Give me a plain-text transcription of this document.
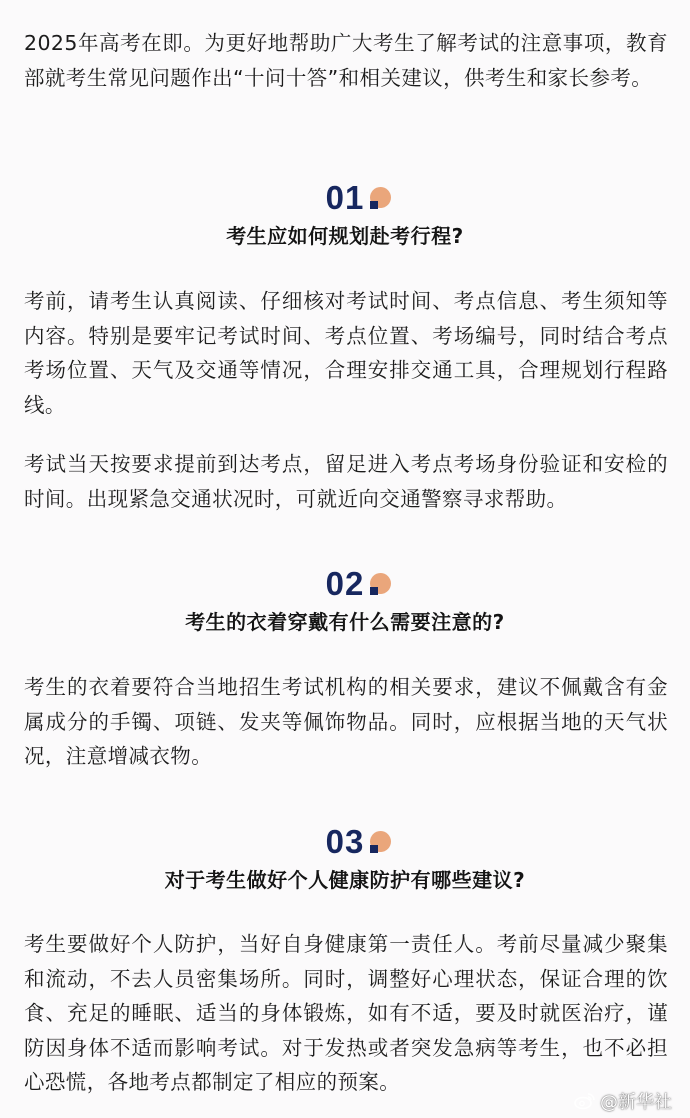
2025年高考在即。为更好地帮助广大考生了解考试的注意事项，教育部就考生常见问题作出“十问十答”和相关建议，供考生和家长参考。

01
考生应如何规划赴考行程?

考前，请考生认真阅读、仔细核对考试时间、考点信息、考生须知等内容。特别是要牢记考试时间、考点位置、考场编号，同时结合考点考场位置、天气及交通等情况，合理安排交通工具，合理规划行程路线。

考试当天按要求提前到达考点，留足进入考点考场身份验证和安检的时间。出现紧急交通状况时，可就近向交通警察寻求帮助。

02
考生的衣着穿戴有什么需要注意的?

考生的衣着要符合当地招生考试机构的相关要求，建议不佩戴含有金属成分的手镯、项链、发夹等佩饰物品。同时，应根据当地的天气状况，注意增减衣物。

03
对于考生做好个人健康防护有哪些建议?

考生要做好个人防护，当好自身健康第一责任人。考前尽量减少聚集和流动，不去人员密集场所。同时，调整好心理状态，保证合理的饮食、充足的睡眠、适当的身体锻炼，如有不适，要及时就医治疗，谨防因身体不适而影响考试。对于发热或者突发急病等考生，也不必担心恐慌，各地考点都制定了相应的预案。

@新华社
